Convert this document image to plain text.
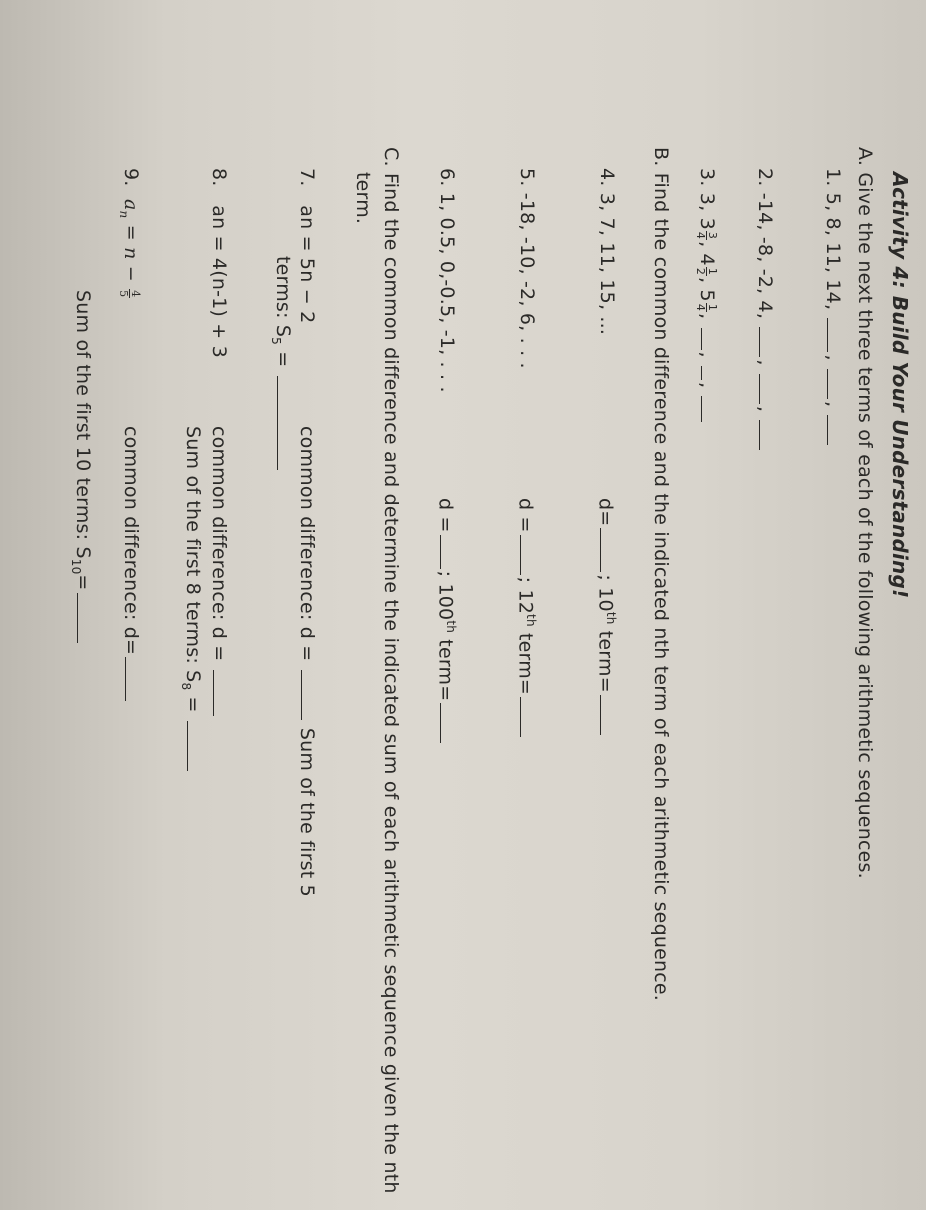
Activity 4: Build Your Understanding!
A. Give the next three terms of each of the following arithmetic sequences.
1. 5, 8, 11, 14, , ,
2. -14, -8, -2, 4, , ,
3. 3, 3
3
4
, 4
1
2
, 5
1
4
, , ,
B. Find the common difference and the indicated nth term of each arithmetic sequence.
4. 3, 7, 11, 15, ...
d=; 10th term=
5. -18, -10, -2, 6, . . .
d =; 12th term=
6. 1, 0.5, 0,-0.5, -1, . . .
d =; 100th term=
C. Find the common difference and determine the indicated sum of each arithmetic sequence given the nth
term.
7.   an = 5n − 2
common difference: d =  Sum of the first 5
terms: $S_5$ =
8.   an = 4(n-1) + 3
common difference: d =
Sum of the first 8 terms: $S_8$ =
9.  $a_n = n$ −
4
5
common difference: d=
Sum of the first 10 terms: $S_{10}=$
